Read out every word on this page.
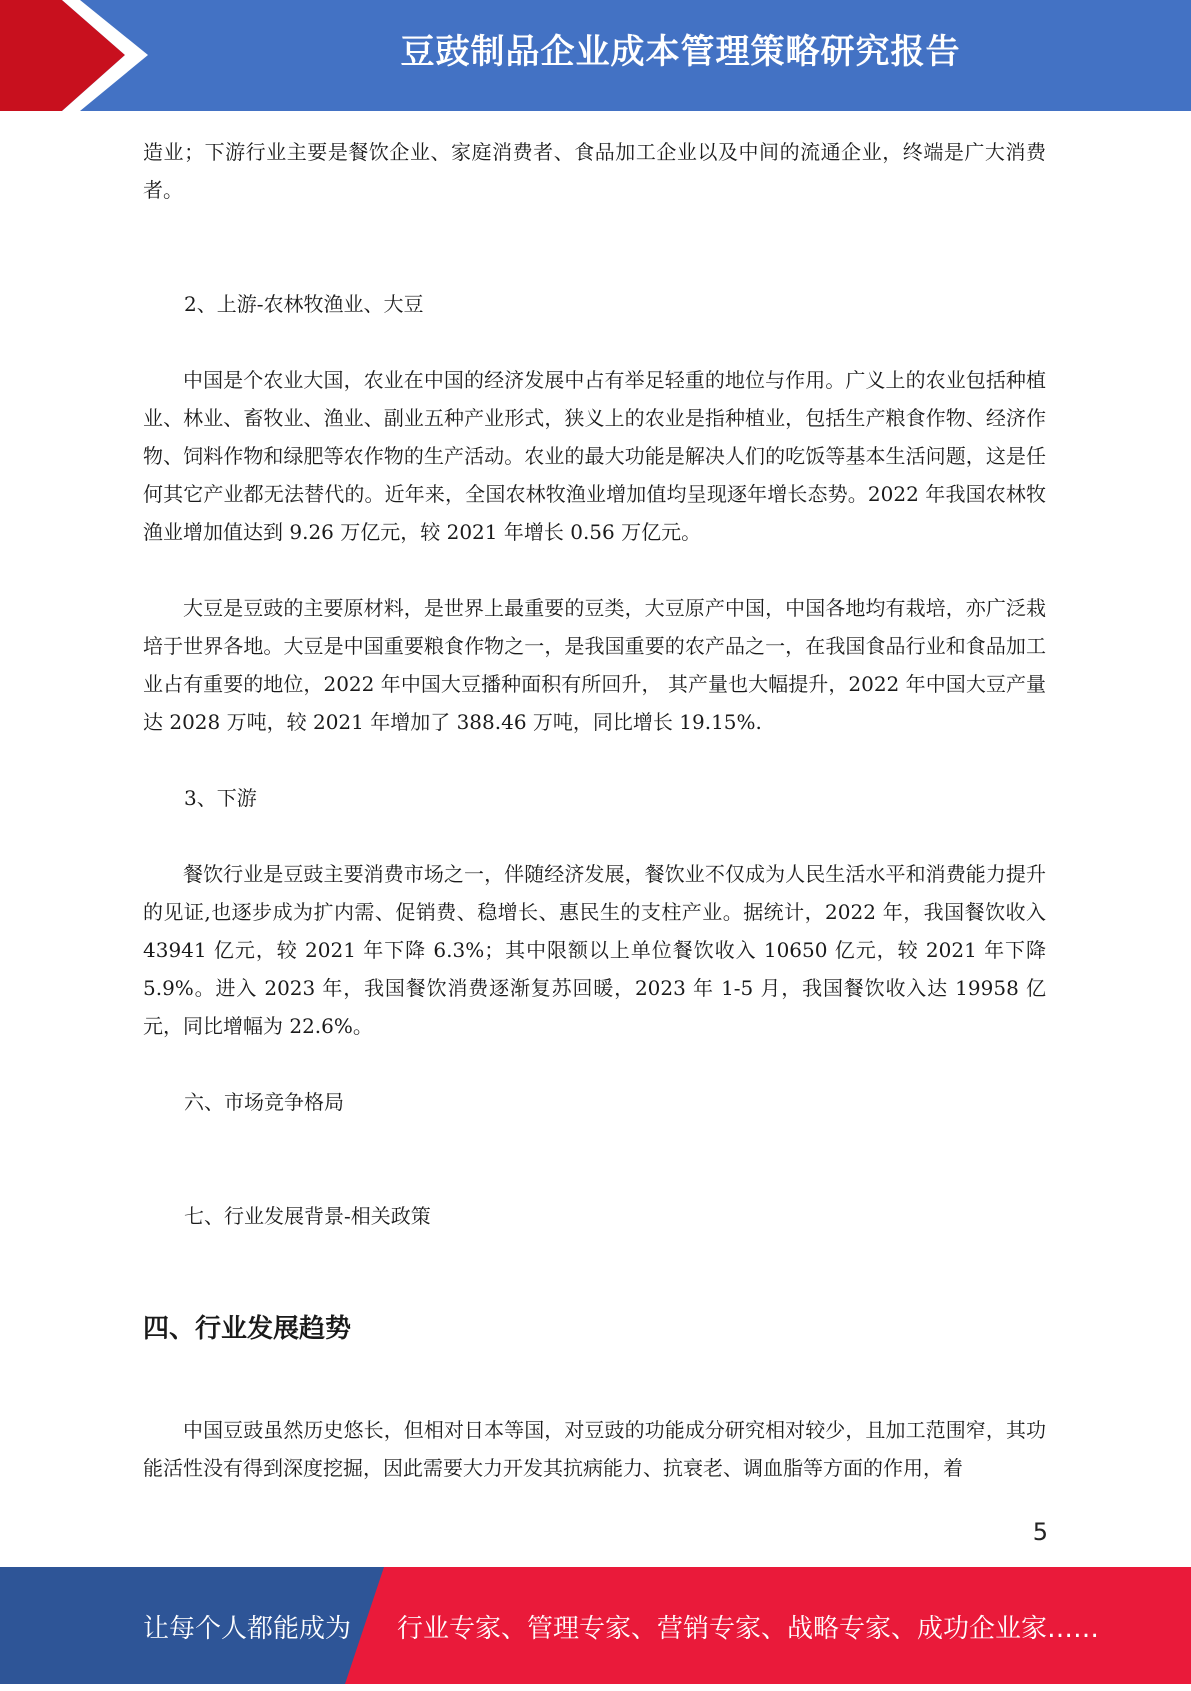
豆豉制品企业成本管理策略研究报告

造业；下游行业主要是餐饮企业、家庭消费者、食品加工企业以及中间的流通企业，终端是广大消费者。

2、上游-农林牧渔业、大豆

中国是个农业大国，农业在中国的经济发展中占有举足轻重的地位与作用。广义上的农业包括种植业、林业、畜牧业、渔业、副业五种产业形式，狭义上的农业是指种植业，包括生产粮食作物、经济作物、饲料作物和绿肥等农作物的生产活动。农业的最大功能是解决人们的吃饭等基本生活问题，这是任何其它产业都无法替代的。近年来，全国农林牧渔业增加值均呈现逐年增长态势。2022 年我国农林牧渔业增加值达到 9.26 万亿元，较 2021 年增长 0.56 万亿元。

大豆是豆豉的主要原材料，是世界上最重要的豆类，大豆原产中国，中国各地均有栽培，亦广泛栽培于世界各地。大豆是中国重要粮食作物之一，是我国重要的农产品之一，在我国食品行业和食品加工业占有重要的地位，2022 年中国大豆播种面积有所回升， 其产量也大幅提升，2022 年中国大豆产量达 2028 万吨，较 2021 年增加了 388.46 万吨，同比增长 19.15%.

3、下游

餐饮行业是豆豉主要消费市场之一，伴随经济发展，餐饮业不仅成为人民生活水平和消费能力提升的见证,也逐步成为扩内需、促销费、稳增长、惠民生的支柱产业。据统计，2022 年，我国餐饮收入 43941 亿元，较 2021 年下降 6.3%；其中限额以上单位餐饮收入 10650 亿元，较 2021 年下降 5.9%。进入 2023 年，我国餐饮消费逐渐复苏回暖，2023 年 1-5 月，我国餐饮收入达 19958 亿元，同比增幅为 22.6%。

六、市场竞争格局

七、行业发展背景-相关政策

四、行业发展趋势

中国豆豉虽然历史悠长，但相对日本等国，对豆豉的功能成分研究相对较少，且加工范围窄，其功能活性没有得到深度挖掘，因此需要大力开发其抗病能力、抗衰老、调血脂等方面的作用，着

5
让每个人都能成为 行业专家、管理专家、营销专家、战略专家、成功企业家……
